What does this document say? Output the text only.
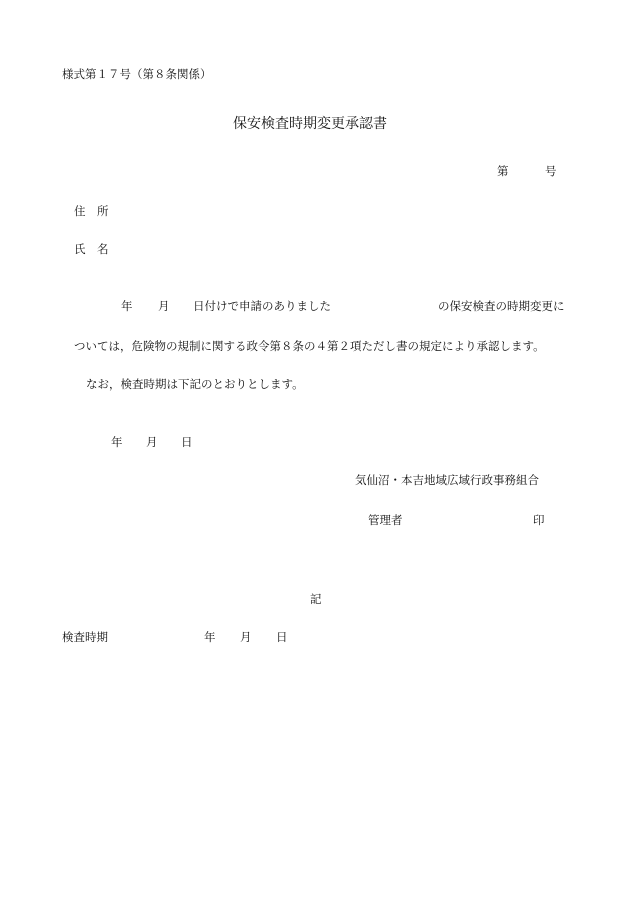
様式第１７号（第８条関係）
保安検査時期変更承認書
第	号
住　所
氏　名
年 月 日付けで申請のありました	の保安検査の時期変更に
ついては，危険物の規制に関する政令第８条の４第２項ただし書の規定により承認します。
なお，検査時期は下記のとおりとします。
年 月 日
気仙沼・本吉地域広域行政事務組合
管理者	印
記
検査時期	年 月 日
